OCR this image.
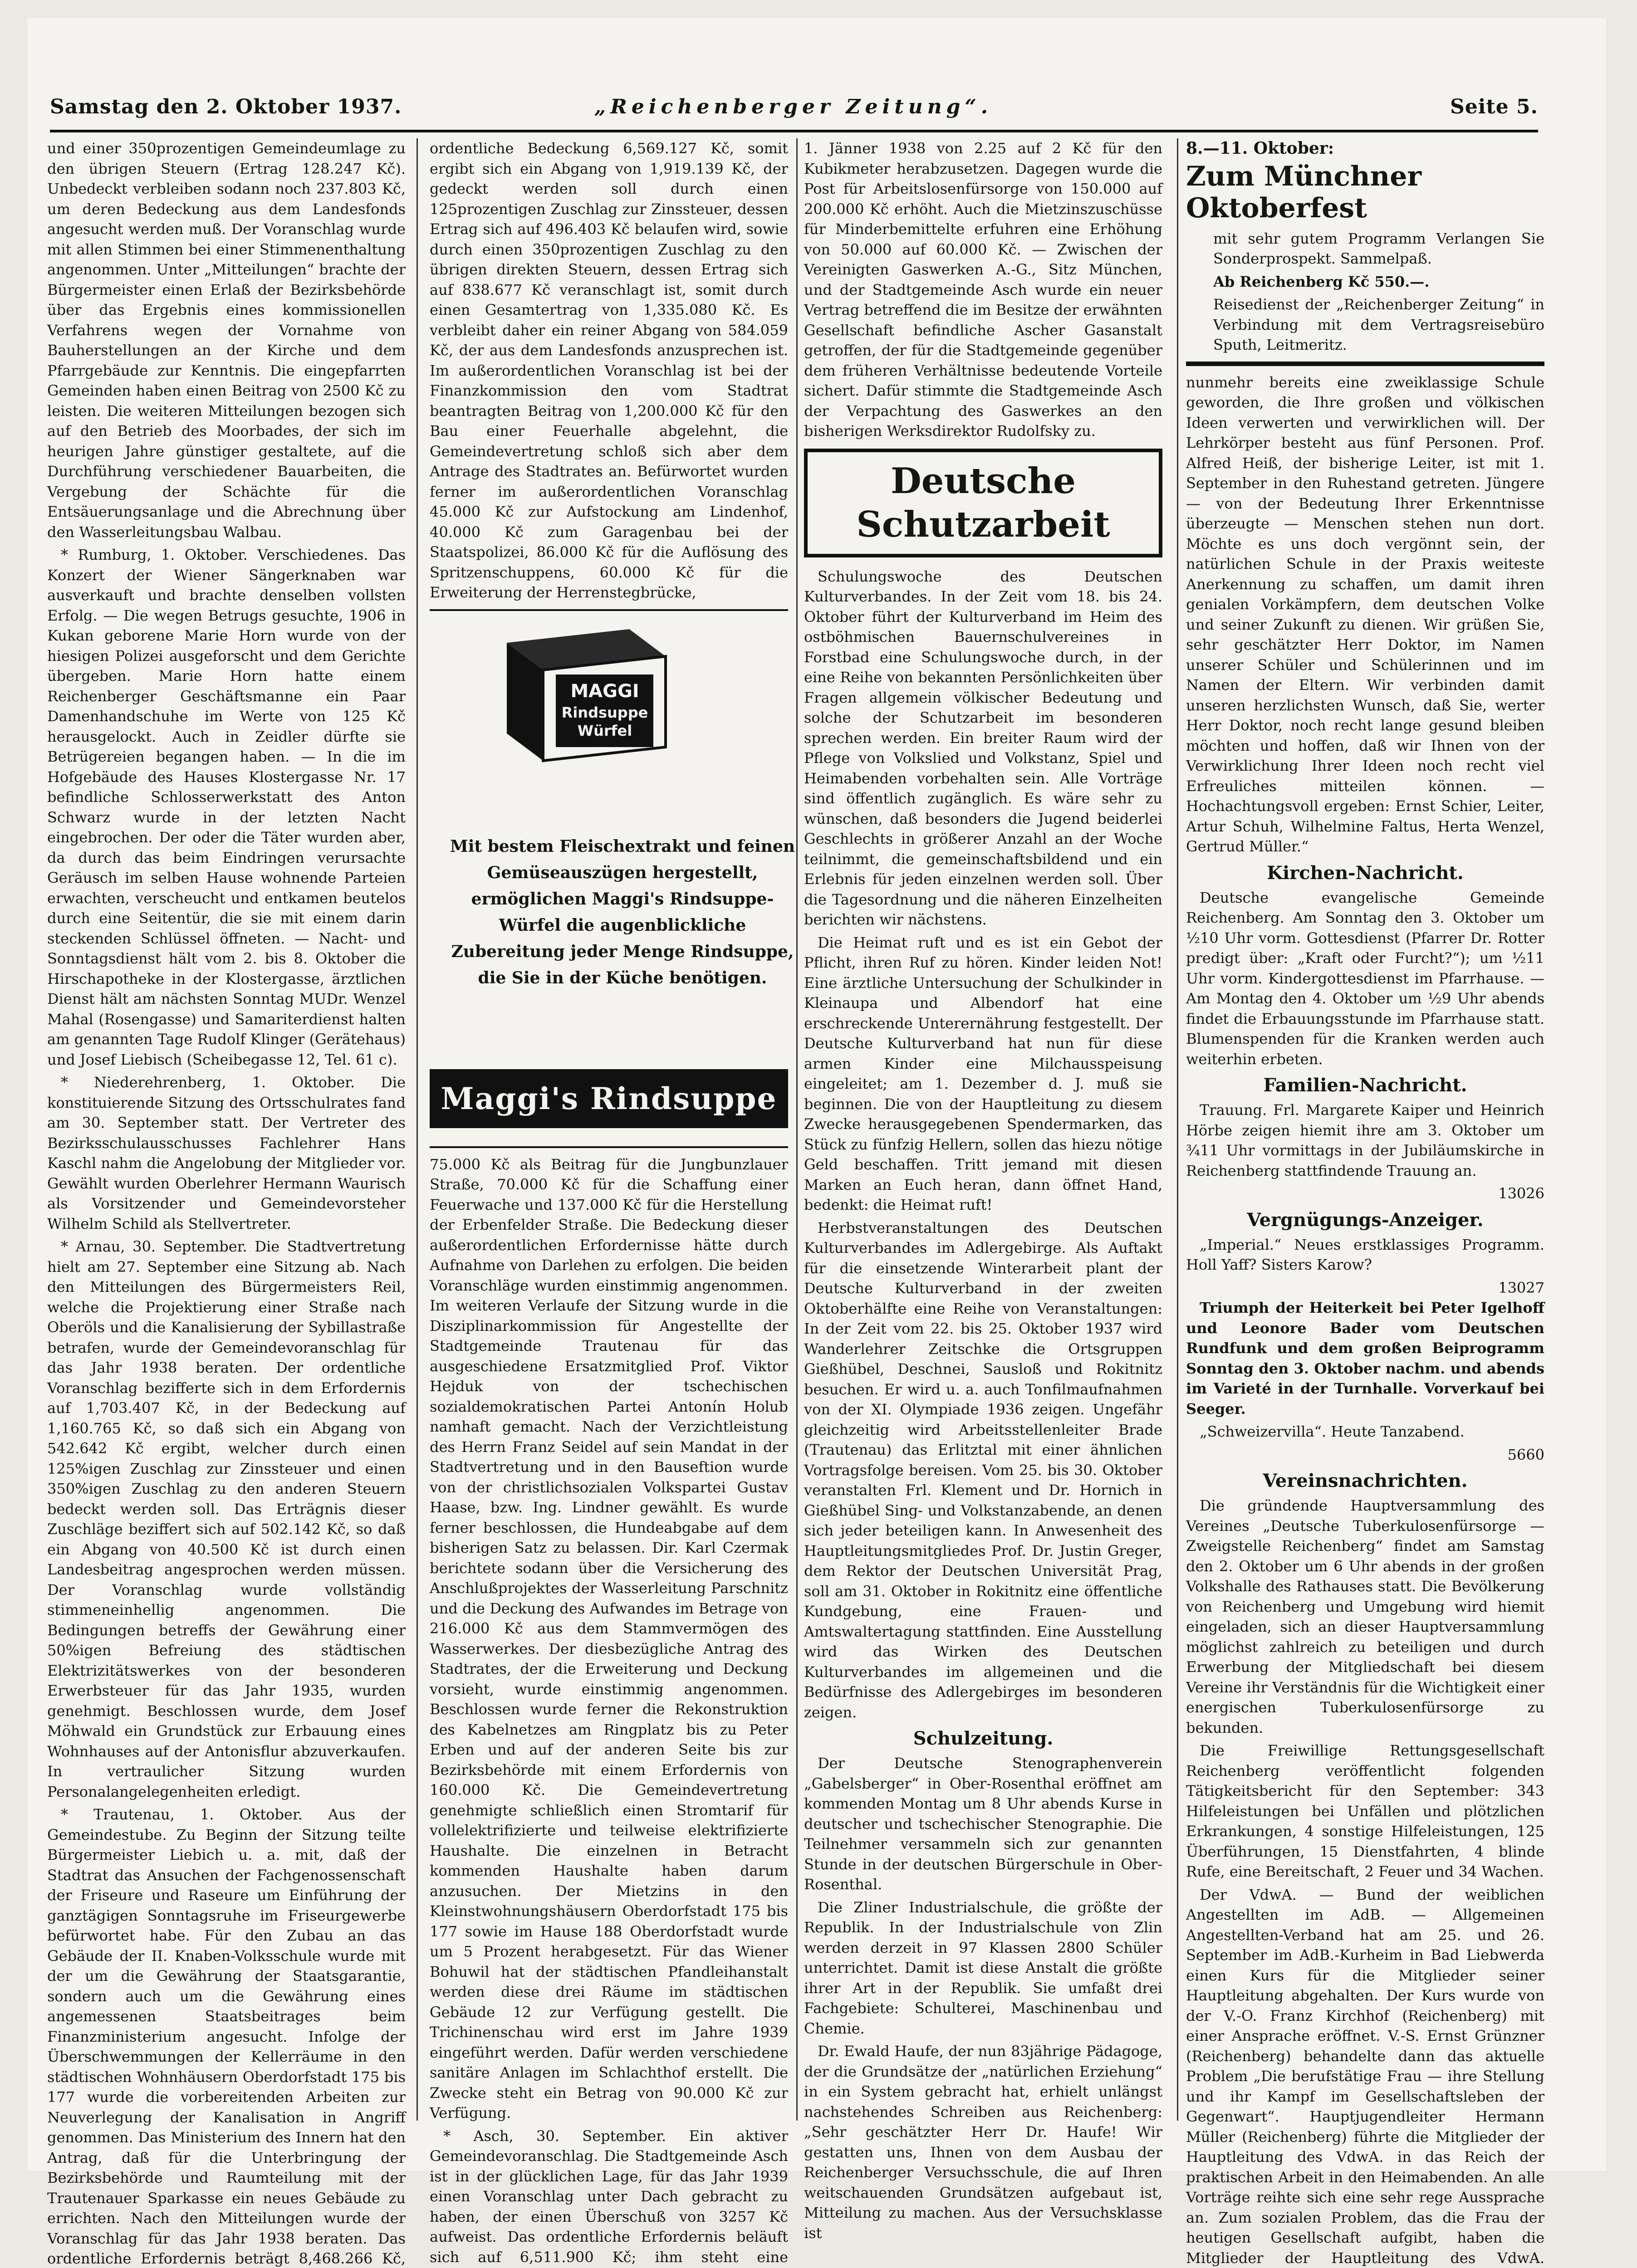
Samstag den 2. Oktober 1937.	„Reichenberger Zeitung“.	Seite 5.

und einer 350prozentigen Gemeindeumlage zu den übrigen Steuern (Ertrag 128.247 Kč). Unbedeckt verbleiben sodann noch 237.803 Kč, um deren Bedeckung aus dem Landesfonds angesucht werden muß. Der Voranschlag wurde mit allen Stimmen bei einer Stimmenenthaltung angenommen. Unter „Mitteilungen“ brachte der Bürgermeister einen Erlaß der Bezirksbehörde über das Ergebnis eines kommissionellen Verfahrens wegen der Vornahme von Bauherstellungen an der Kirche und dem Pfarrgebäude zur Kenntnis. Die eingepfarrten Gemeinden haben einen Beitrag von 2500 Kč zu leisten. Die weiteren Mitteilungen bezogen sich auf den Betrieb des Moorbades, der sich im heurigen Jahre günstiger gestaltete, auf die Durchführung verschiedener Bauarbeiten, die Vergebung der Schächte für die Entsäuerungsanlage und die Abrechnung über den Wasserleitungsbau Walbau.

* Rumburg, 1. Oktober. Verschiedenes. Das Konzert der Wiener Sängerknaben war ausverkauft und brachte denselben vollsten Erfolg. — Die wegen Betrugs gesuchte, 1906 in Kukan geborene Marie Horn wurde von der hiesigen Polizei ausgeforscht und dem Gerichte übergeben. Marie Horn hatte einem Reichenberger Geschäftsmanne ein Paar Damenhandschuhe im Werte von 125 Kč herausgelockt. Auch in Zeidler dürfte sie Betrügereien begangen haben. — In die im Hofgebäude des Hauses Klostergasse Nr. 17 befindliche Schlosserwerkstatt des Anton Schwarz wurde in der letzten Nacht eingebrochen. Der oder die Täter wurden aber, da durch das beim Eindringen verursachte Geräusch im selben Hause wohnende Parteien erwachten, verscheucht und entkamen beutelos durch eine Seitentür, die sie mit einem darin steckenden Schlüssel öffneten. — Nacht- und Sonntagsdienst hält vom 2. bis 8. Oktober die Hirschapotheke in der Klostergasse, ärztlichen Dienst hält am nächsten Sonntag MUDr. Wenzel Mahal (Rosengasse) und Samariterdienst halten am genannten Tage Rudolf Klinger (Gerätehaus) und Josef Liebisch (Scheibegasse 12, Tel. 61 c).

* Niederehrenberg, 1. Oktober. Die konstituierende Sitzung des Ortsschulrates fand am 30. September statt. Der Vertreter des Bezirksschulausschusses Fachlehrer Hans Kaschl nahm die Angelobung der Mitglieder vor. Gewählt wurden Oberlehrer Hermann Waurisch als Vorsitzender und Gemeindevorsteher Wilhelm Schild als Stellvertreter.

* Arnau, 30. September. Die Stadtvertretung hielt am 27. September eine Sitzung ab. Nach den Mitteilungen des Bürgermeisters Reil, welche die Projektierung einer Straße nach Oberöls und die Kanalisierung der Sybillastraße betrafen, wurde der Gemeindevoranschlag für das Jahr 1938 beraten. Der ordentliche Voranschlag bezifferte sich in dem Erfordernis auf 1,703.407 Kč, in der Bedeckung auf 1,160.765 Kč, so daß sich ein Abgang von 542.642 Kč ergibt, welcher durch einen 125%igen Zuschlag zur Zinssteuer und einen 350%igen Zuschlag zu den anderen Steuern bedeckt werden soll. Das Erträgnis dieser Zuschläge beziffert sich auf 502.142 Kč, so daß ein Abgang von 40.500 Kč ist durch einen Landesbeitrag angesprochen werden müssen. Der Voranschlag wurde vollständig stimmeneinhellig angenommen. Die Bedingungen betreffs der Gewährung einer 50%igen Befreiung des städtischen Elektrizitätswerkes von der besonderen Erwerbsteuer für das Jahr 1935, wurden genehmigt. Beschlossen wurde, dem Josef Möhwald ein Grundstück zur Erbauung eines Wohnhauses auf der Antonisflur abzuverkaufen. In vertraulicher Sitzung wurden Personalangelegenheiten erledigt.

* Trautenau, 1. Oktober. Aus der Gemeindestube. Zu Beginn der Sitzung teilte Bürgermeister Liebich u. a. mit, daß der Stadtrat das Ansuchen der Fachgenossenschaft der Friseure und Raseure um Einführung der ganztägigen Sonntagsruhe im Friseurgewerbe befürwortet habe. Für den Zubau an das Gebäude der II. Knaben-Volksschule wurde mit der um die Gewährung der Staatsgarantie, sondern auch um die Gewährung eines angemessenen Staatsbeitrages beim Finanzministerium angesucht. Infolge der Überschwemmungen der Kellerräume in den städtischen Wohnhäusern Oberdorfstadt 175 bis 177 wurde die vorbereitenden Arbeiten zur Neuverlegung der Kanalisation in Angriff genommen. Das Ministerium des Innern hat den Antrag, daß für die Unterbringung der Bezirksbehörde und Raumteilung mit der Trautenauer Sparkasse ein neues Gebäude zu errichten. Nach den Mitteilungen wurde der Voranschlag für das Jahr 1938 beraten. Das ordentliche Erfordernis beträgt 8,468.266 Kč,

ordentliche Bedeckung 6,569.127 Kč, somit ergibt sich ein Abgang von 1,919.139 Kč, der gedeckt werden soll durch einen 125prozentigen Zuschlag zur Zinssteuer, dessen Ertrag sich auf 496.403 Kč belaufen wird, sowie durch einen 350prozentigen Zuschlag zu den übrigen direkten Steuern, dessen Ertrag sich auf 838.677 Kč veranschlagt ist, somit durch einen Gesamtertrag von 1,335.080 Kč. Es verbleibt daher ein reiner Abgang von 584.059 Kč, der aus dem Landesfonds anzusprechen ist. Im außerordentlichen Voranschlag ist bei der Finanzkommission den vom Stadtrat beantragten Beitrag von 1,200.000 Kč für den Bau einer Feuerhalle abgelehnt, die Gemeindevertretung schloß sich aber dem Antrage des Stadtrates an. Befürwortet wurden ferner im außerordentlichen Voranschlag 45.000 Kč zur Aufstockung am Lindenhof, 40.000 Kč zum Garagenbau bei der Staatspolizei, 86.000 Kč für die Auflösung des Spritzenschuppens, 60.000 Kč für die Erweiterung der Herrenstegbrücke,

MAGGI
Rindsuppe
Würfel
Mit bestem Fleischextrakt und feinen Gemüseauszügen hergestellt, ermöglichen Maggi's Rindsuppe-Würfel die augenblickliche Zubereitung jeder Menge Rindsuppe, die Sie in der Küche benötigen.
Maggi's Rindsuppe

75.000 Kč als Beitrag für die Jungbunzlauer Straße, 70.000 Kč für die Schaffung einer Feuerwache und 137.000 Kč für die Herstellung der Erbenfelder Straße. Die Bedeckung dieser außerordentlichen Erfordernisse hätte durch Aufnahme von Darlehen zu erfolgen. Die beiden Voranschläge wurden einstimmig angenommen. Im weiteren Verlaufe der Sitzung wurde in die Disziplinarkommission für Angestellte der Stadtgemeinde Trautenau für das ausgeschiedene Ersatzmitglied Prof. Viktor Hejduk von der tschechischen sozialdemokratischen Partei Antonín Holub namhaft gemacht. Nach der Verzichtleistung des Herrn Franz Seidel auf sein Mandat in der Stadtvertretung und in den Bauseftion wurde von der christlichsozialen Volkspartei Gustav Haase, bzw. Ing. Lindner gewählt. Es wurde ferner beschlossen, die Hundeabgabe auf dem bisherigen Satz zu belassen. Dir. Karl Czermak berichtete sodann über die Versicherung des Anschlußprojektes der Wasserleitung Parschnitz und die Deckung des Aufwandes im Betrage von 216.000 Kč aus dem Stammvermögen des Wasserwerkes. Der diesbezügliche Antrag des Stadtrates, der die Erweiterung und Deckung vorsieht, wurde einstimmig angenommen. Beschlossen wurde ferner die Rekonstruktion des Kabelnetzes am Ringplatz bis zu Peter Erben und auf der anderen Seite bis zur Bezirksbehörde mit einem Erfordernis von 160.000 Kč. Die Gemeindevertretung genehmigte schließlich einen Stromtarif für vollelektrifizierte und teilweise elektrifizierte Haushalte. Die einzelnen in Betracht kommenden Haushalte haben darum anzusuchen. Der Mietzins in den Kleinstwohnungshäusern Oberdorfstadt 175 bis 177 sowie im Hause 188 Oberdorfstadt wurde um 5 Prozent herabgesetzt. Für das Wiener Bohuwil hat der städtischen Pfandleihanstalt werden diese drei Räume im städtischen Gebäude 12 zur Verfügung gestellt. Die Trichinenschau wird erst im Jahre 1939 eingeführt werden. Dafür werden verschiedene sanitäre Anlagen im Schlachthof erstellt. Die Zwecke steht ein Betrag von 90.000 Kč zur Verfügung.

* Asch, 30. September. Ein aktiver Gemeindevoranschlag. Die Stadtgemeinde Asch ist in der glücklichen Lage, für das Jahr 1939 einen Voranschlag unter Dach gebracht zu haben, der einen Überschuß von 3257 Kč aufweist. Das ordentliche Erfordernis beläuft sich auf 6,511.900 Kč; ihm steht eine

1. Jänner 1938 von 2.25 auf 2 Kč für den Kubikmeter herabzusetzen. Dagegen wurde die Post für Arbeitslosenfürsorge von 150.000 auf 200.000 Kč erhöht. Auch die Mietzinszuschüsse für Minderbemittelte erfuhren eine Erhöhung von 50.000 auf 60.000 Kč. — Zwischen der Vereinigten Gaswerken A.-G., Sitz München, und der Stadtgemeinde Asch wurde ein neuer Vertrag betreffend die im Besitze der erwähnten Gesellschaft befindliche Ascher Gasanstalt getroffen, der für die Stadtgemeinde gegenüber dem früheren Verhältnisse bedeutende Vorteile sichert. Dafür stimmte die Stadtgemeinde Asch der Verpachtung des Gaswerkes an den bisherigen Werksdirektor Rudolfsky zu.

Deutsche Schutzarbeit

Schulungswoche des Deutschen Kulturverbandes. In der Zeit vom 18. bis 24. Oktober führt der Kulturverband im Heim des ostböhmischen Bauernschulvereines in Forstbad eine Schulungswoche durch, in der eine Reihe von bekannten Persönlichkeiten über Fragen allgemein völkischer Bedeutung und solche der Schutzarbeit im besonderen sprechen werden. Ein breiter Raum wird der Pflege von Volkslied und Volkstanz, Spiel und Heimabenden vorbehalten sein. Alle Vorträge sind öffentlich zugänglich. Es wäre sehr zu wünschen, daß besonders die Jugend beiderlei Geschlechts in größerer Anzahl an der Woche teilnimmt, die gemeinschaftsbildend und ein Erlebnis für jeden einzelnen werden soll. Über die Tagesordnung und die näheren Einzelheiten berichten wir nächstens.

Die Heimat ruft und es ist ein Gebot der Pflicht, ihren Ruf zu hören. Kinder leiden Not! Eine ärztliche Untersuchung der Schulkinder in Kleinaupa und Albendorf hat eine erschreckende Unterernährung festgestellt. Der Deutsche Kulturverband hat nun für diese armen Kinder eine Milchausspeisung eingeleitet; am 1. Dezember d. J. muß sie beginnen. Die von der Hauptleitung zu diesem Zwecke herausgegebenen Spendermarken, das Stück zu fünfzig Hellern, sollen das hiezu nötige Geld beschaffen. Tritt jemand mit diesen Marken an Euch heran, dann öffnet Hand, bedenkt: die Heimat ruft!

Herbstveranstaltungen des Deutschen Kulturverbandes im Adlergebirge. Als Auftakt für die einsetzende Winterarbeit plant der Deutsche Kulturverband in der zweiten Oktoberhälfte eine Reihe von Veranstaltungen: In der Zeit vom 22. bis 25. Oktober 1937 wird Wanderlehrer Zeitschke die Ortsgruppen Gießhübel, Deschnei, Sausloß und Rokitnitz besuchen. Er wird u. a. auch Tonfilmaufnahmen von der XI. Olympiade 1936 zeigen. Ungefähr gleichzeitig wird Arbeitsstellenleiter Brade (Trautenau) das Erlitztal mit einer ähnlichen Vortragsfolge bereisen. Vom 25. bis 30. Oktober veranstalten Frl. Klement und Dr. Hornich in Gießhübel Sing- und Volkstanzabende, an denen sich jeder beteiligen kann. In Anwesenheit des Hauptleitungsmitgliedes Prof. Dr. Justin Greger, dem Rektor der Deutschen Universität Prag, soll am 31. Oktober in Rokitnitz eine öffentliche Kundgebung, eine Frauen- und Amtswaltertagung stattfinden. Eine Ausstellung wird das Wirken des Deutschen Kulturverbandes im allgemeinen und die Bedürfnisse des Adlergebirges im besonderen zeigen.

Schulzeitung.

Der Deutsche Stenographenverein „Gabelsberger“ in Ober-Rosenthal eröffnet am kommenden Montag um 8 Uhr abends Kurse in deutscher und tschechischer Stenographie. Die Teilnehmer versammeln sich zur genannten Stunde in der deutschen Bürgerschule in Ober-Rosenthal.

Die Zliner Industrialschule, die größte der Republik. In der Industrialschule von Zlin werden derzeit in 97 Klassen 2800 Schüler unterrichtet. Damit ist diese Anstalt die größte ihrer Art in der Republik. Sie umfaßt drei Fachgebiete: Schulterei, Maschinenbau und Chemie.

Dr. Ewald Haufe, der nun 83jährige Pädagoge, der die Grundsätze der „natürlichen Erziehung“ in ein System gebracht hat, erhielt unlängst nachstehendes Schreiben aus Reichenberg: „Sehr geschätzter Herr Dr. Haufe! Wir gestatten uns, Ihnen von dem Ausbau der Reichenberger Versuchsschule, die auf Ihren weitschauenden Grundsätzen aufgebaut ist, Mitteilung zu machen. Aus der Versuchsklasse ist

8.—11. Oktober:
Zum Münchner Oktoberfest

mit sehr gutem Programm Verlangen Sie Sonderprospekt. Sammelpaß.

Ab Reichenberg Kč 550.—.

Reisedienst der „Reichenberger Zeitung“ in Verbindung mit dem Vertragsreisebüro Sputh, Leitmeritz.

nunmehr bereits eine zweiklassige Schule geworden, die Ihre großen und völkischen Ideen verwerten und verwirklichen will. Der Lehrkörper besteht aus fünf Personen. Prof. Alfred Heiß, der bisherige Leiter, ist mit 1. September in den Ruhestand getreten. Jüngere — von der Bedeutung Ihrer Erkenntnisse überzeugte — Menschen stehen nun dort. Möchte es uns doch vergönnt sein, der natürlichen Schule in der Praxis weiteste Anerkennung zu schaffen, um damit ihren genialen Vorkämpfern, dem deutschen Volke und seiner Zukunft zu dienen. Wir grüßen Sie, sehr geschätzter Herr Doktor, im Namen unserer Schüler und Schülerinnen und im Namen der Eltern. Wir verbinden damit unseren herzlichsten Wunsch, daß Sie, werter Herr Doktor, noch recht lange gesund bleiben möchten und hoffen, daß wir Ihnen von der Verwirklichung Ihrer Ideen noch recht viel Erfreuliches mitteilen können. — Hochachtungsvoll ergeben: Ernst Schier, Leiter, Artur Schuh, Wilhelmine Faltus, Herta Wenzel, Gertrud Müller.“

Kirchen-Nachricht.

Deutsche evangelische Gemeinde Reichenberg. Am Sonntag den 3. Oktober um ½10 Uhr vorm. Gottesdienst (Pfarrer Dr. Rotter predigt über: „Kraft oder Furcht?“); um ½11 Uhr vorm. Kindergottesdienst im Pfarrhause. — Am Montag den 4. Oktober um ½9 Uhr abends findet die Erbauungsstunde im Pfarrhause statt. Blumenspenden für die Kranken werden auch weiterhin erbeten.

Familien-Nachricht.

Trauung. Frl. Margarete Kaiper und Heinrich Hörbe zeigen hiemit ihre am 3. Oktober um ¾11 Uhr vormittags in der Jubiläumskirche in Reichenberg stattfindende Trauung an.

13026
Vergnügungs-Anzeiger.

„Imperial.“ Neues erstklassiges Programm. Holl Yaff? Sisters Karow?

13027

Triumph der Heiterkeit bei Peter Igelhoff und Leonore Bader vom Deutschen Rundfunk und dem großen Beiprogramm Sonntag den 3. Oktober nachm. und abends im Varieté in der Turnhalle. Vorverkauf bei Seeger.

„Schweizervilla“. Heute Tanzabend.

5660
Vereinsnachrichten.

Die gründende Hauptversammlung des Vereines „Deutsche Tuberkulosenfürsorge — Zweigstelle Reichenberg“ findet am Samstag den 2. Oktober um 6 Uhr abends in der großen Volkshalle des Rathauses statt. Die Bevölkerung von Reichenberg und Umgebung wird hiemit eingeladen, sich an dieser Hauptversammlung möglichst zahlreich zu beteiligen und durch Erwerbung der Mitgliedschaft bei diesem Vereine ihr Verständnis für die Wichtigkeit einer energischen Tuberkulosenfürsorge zu bekunden.

Die Freiwillige Rettungsgesellschaft Reichenberg veröffentlicht folgenden Tätigkeitsbericht für den September: 343 Hilfeleistungen bei Unfällen und plötzlichen Erkrankungen, 4 sonstige Hilfeleistungen, 125 Überführungen, 15 Dienstfahrten, 4 blinde Rufe, eine Bereitschaft, 2 Feuer und 34 Wachen.

Der VdwA. — Bund der weiblichen Angestellten im AdB. — Allgemeinen Angestellten-Verband hat am 25. und 26. September im AdB.-Kurheim in Bad Liebwerda einen Kurs für die Mitglieder seiner Hauptleitung abgehalten. Der Kurs wurde von der V.-O. Franz Kirchhof (Reichenberg) mit einer Ansprache eröffnet. V.-S. Ernst Grünzner (Reichenberg) behandelte dann das aktuelle Problem „Die berufstätige Frau — ihre Stellung und ihr Kampf im Gesellschaftsleben der Gegenwart“. Hauptjugendleiter Hermann Müller (Reichenberg) führte die Mitglieder der Hauptleitung des VdwA. in das Reich der praktischen Arbeit in den Heimabenden. An alle Vorträge reihte sich eine sehr rege Aussprache an. Zum sozialen Problem, das die Frau der heutigen Gesellschaft aufgibt, haben die Mitglieder der Hauptleitung des VdwA.
